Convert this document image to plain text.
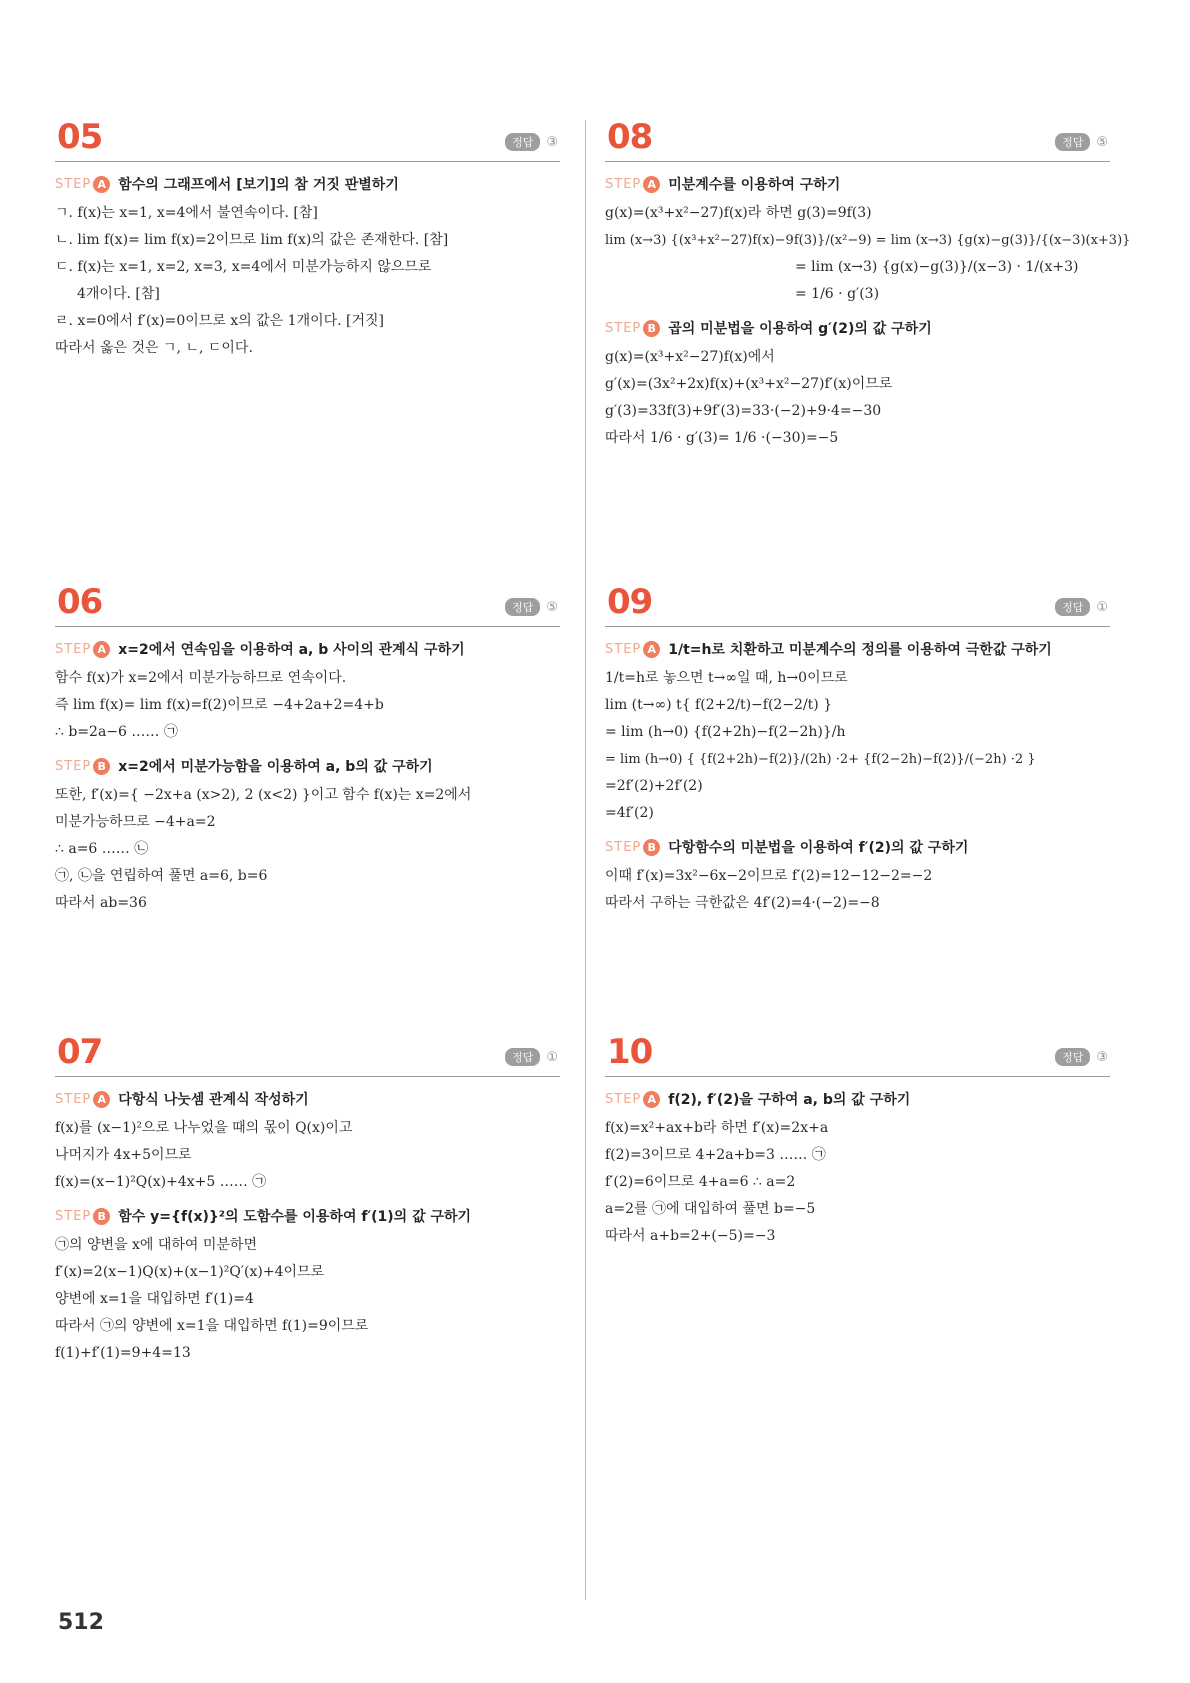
05	정답	③
STEP A 함수의 그래프에서 [보기]의 참 거짓 판별하기
ㄱ. f(x)는 x=1, x=4에서 불연속이다. [참]
ㄴ. lim f(x)= lim f(x)=2이므로 lim f(x)의 값은 존재한다. [참]
ㄷ. f(x)는 x=1, x=2, x=3, x=4에서 미분가능하지 않으므로
4개이다. [참]
ㄹ. x=0에서 f′(x)=0이므로 x의 값은 1개이다. [거짓]
따라서 옳은 것은 ㄱ, ㄴ, ㄷ이다.
06	정답	⑤
STEP A x=2에서 연속임을 이용하여 a, b 사이의 관계식 구하기
함수 f(x)가 x=2에서 미분가능하므로 연속이다.
즉 lim f(x)= lim f(x)=f(2)이므로 −4+2a+2=4+b
∴ b=2a−6 …… ㉠
STEP B x=2에서 미분가능함을 이용하여 a, b의 값 구하기
또한, f′(x)={ −2x+a (x>2), 2 (x<2) }이고 함수 f(x)는 x=2에서
미분가능하므로 −4+a=2
∴ a=6 …… ㉡
㉠, ㉡을 연립하여 풀면 a=6, b=6
따라서 ab=36
07	정답	①
STEP A 다항식 나눗셈 관계식 작성하기
f(x)를 (x−1)²으로 나누었을 때의 몫이 Q(x)이고
나머지가 4x+5이므로
f(x)=(x−1)²Q(x)+4x+5 …… ㉠
STEP B 함수 y={f(x)}²의 도함수를 이용하여 f′(1)의 값 구하기
㉠의 양변을 x에 대하여 미분하면
f′(x)=2(x−1)Q(x)+(x−1)²Q′(x)+4이므로
양변에 x=1을 대입하면 f′(1)=4
따라서 ㉠의 양변에 x=1을 대입하면 f(1)=9이므로
f(1)+f′(1)=9+4=13
08	정답	⑤
STEP A 미분계수를 이용하여 구하기
g(x)=(x³+x²−27)f(x)라 하면 g(3)=9f(3)
lim (x→3) {(x³+x²−27)f(x)−9f(3)}/(x²−9) = lim (x→3) {g(x)−g(3)}/{(x−3)(x+3)}
= lim (x→3) {g(x)−g(3)}/(x−3) · 1/(x+3)
= 1/6 · g′(3)
STEP B 곱의 미분법을 이용하여 g′(2)의 값 구하기
g(x)=(x³+x²−27)f(x)에서
g′(x)=(3x²+2x)f(x)+(x³+x²−27)f′(x)이므로
g′(3)=33f(3)+9f′(3)=33·(−2)+9·4=−30
따라서 1/6 · g′(3)= 1/6 ·(−30)=−5
09	정답	①
STEP A 1/t=h로 치환하고 미분계수의 정의를 이용하여 극한값 구하기
1/t=h로 놓으면 t→∞일 때, h→0이므로
lim (t→∞) t{ f(2+2/t)−f(2−2/t) }
= lim (h→0) {f(2+2h)−f(2−2h)}/h
= lim (h→0) { {f(2+2h)−f(2)}/(2h) ·2+ {f(2−2h)−f(2)}/(−2h) ·2 }
=2f′(2)+2f′(2)
=4f′(2)
STEP B 다항함수의 미분법을 이용하여 f′(2)의 값 구하기
이때 f′(x)=3x²−6x−2이므로 f′(2)=12−12−2=−2
따라서 구하는 극한값은 4f′(2)=4·(−2)=−8
10	정답	③
STEP A f(2), f′(2)을 구하여 a, b의 값 구하기
f(x)=x²+ax+b라 하면 f′(x)=2x+a
f(2)=3이므로 4+2a+b=3 …… ㉠
f′(2)=6이므로 4+a=6 ∴ a=2
a=2를 ㉠에 대입하여 풀면 b=−5
따라서 a+b=2+(−5)=−3
512
